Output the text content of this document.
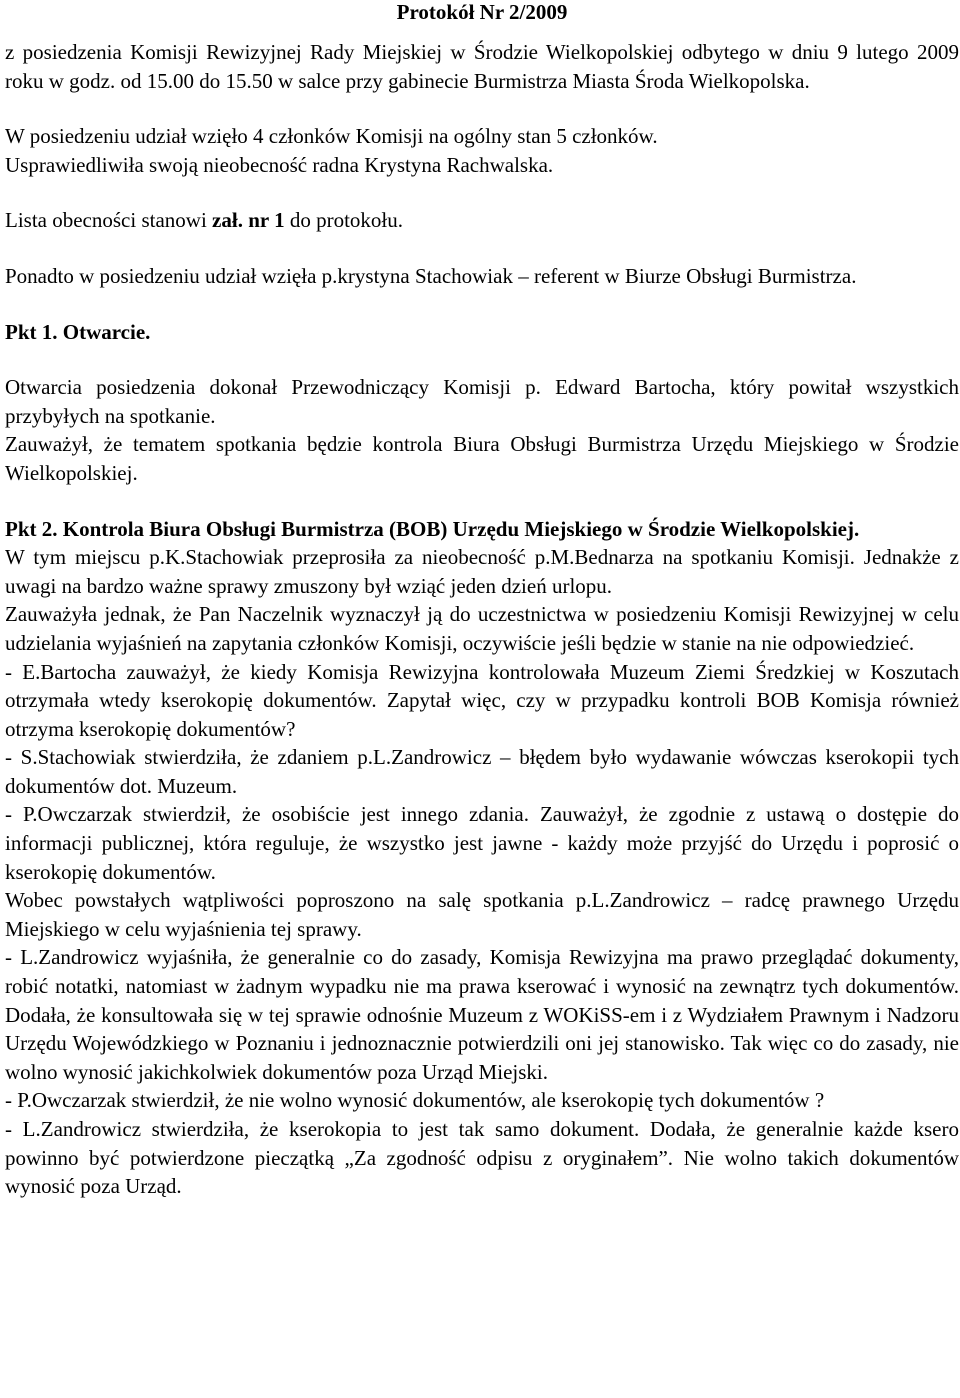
Protokół Nr 2/2009

z posiedzenia Komisji Rewizyjnej Rady Miejskiej w Środzie Wielkopolskiej odbytego w dniu 9 lutego 2009 roku w godz. od 15.00 do 15.50 w salce przy gabinecie Burmistrza Miasta Środa Wielkopolska.

W posiedzeniu udział wzięło 4 członków Komisji na ogólny stan 5 członków.

Usprawiedliwiła swoją nieobecność radna Krystyna Rachwalska.

Lista obecności stanowi zał. nr 1 do protokołu.

Ponadto w posiedzeniu udział wzięła p.krystyna Stachowiak – referent w Biurze Obsługi Burmistrza.

Pkt 1. Otwarcie.

Otwarcia posiedzenia dokonał Przewodniczący Komisji p. Edward Bartocha, który powitał wszystkich przybyłych na spotkanie.

Zauważył, że tematem spotkania będzie kontrola Biura Obsługi Burmistrza Urzędu Miejskiego w Środzie Wielkopolskiej.

Pkt 2. Kontrola Biura Obsługi Burmistrza (BOB) Urzędu Miejskiego w Środzie Wielkopolskiej.

W tym miejscu p.K.Stachowiak przeprosiła za nieobecność p.M.Bednarza na spotkaniu Komisji. Jednakże z uwagi na bardzo ważne sprawy zmuszony był wziąć jeden dzień urlopu.

Zauważyła jednak, że Pan Naczelnik wyznaczył ją do uczestnictwa w posiedzeniu Komisji Rewizyjnej w celu udzielania wyjaśnień na zapytania członków Komisji, oczywiście jeśli będzie w stanie na nie odpowiedzieć.

- E.Bartocha zauważył, że kiedy Komisja Rewizyjna kontrolowała Muzeum Ziemi Średzkiej w Koszutach otrzymała wtedy kserokopię dokumentów. Zapytał więc, czy w przypadku kontroli BOB Komisja również otrzyma kserokopię dokumentów?

- S.Stachowiak stwierdziła, że zdaniem p.L.Zandrowicz – błędem było wydawanie wówczas kserokopii tych dokumentów dot. Muzeum.

- P.Owczarzak stwierdził, że osobiście jest innego zdania. Zauważył, że zgodnie z ustawą o dostępie do informacji publicznej, która reguluje, że wszystko jest jawne - każdy może przyjść do Urzędu i poprosić o kserokopię dokumentów.

Wobec powstałych wątpliwości poproszono na salę spotkania p.L.Zandrowicz – radcę prawnego Urzędu Miejskiego w celu wyjaśnienia tej sprawy.

- L.Zandrowicz wyjaśniła, że generalnie co do zasady, Komisja Rewizyjna ma prawo przeglądać dokumenty, robić notatki, natomiast w żadnym wypadku nie ma prawa kserować i wynosić na zewnątrz tych dokumentów. Dodała, że konsultowała się w tej sprawie odnośnie Muzeum z WOKiSS-em i z Wydziałem Prawnym i Nadzoru Urzędu Wojewódzkiego w Poznaniu i jednoznacznie potwierdzili oni jej stanowisko. Tak więc co do zasady, nie wolno wynosić jakichkolwiek dokumentów poza Urząd Miejski.

- P.Owczarzak stwierdził, że nie wolno wynosić dokumentów, ale kserokopię tych dokumentów ?

- L.Zandrowicz stwierdziła, że kserokopia to jest tak samo dokument. Dodała, że generalnie każde ksero powinno być potwierdzone pieczątką „Za zgodność odpisu z oryginałem”. Nie wolno takich dokumentów wynosić poza Urząd.
